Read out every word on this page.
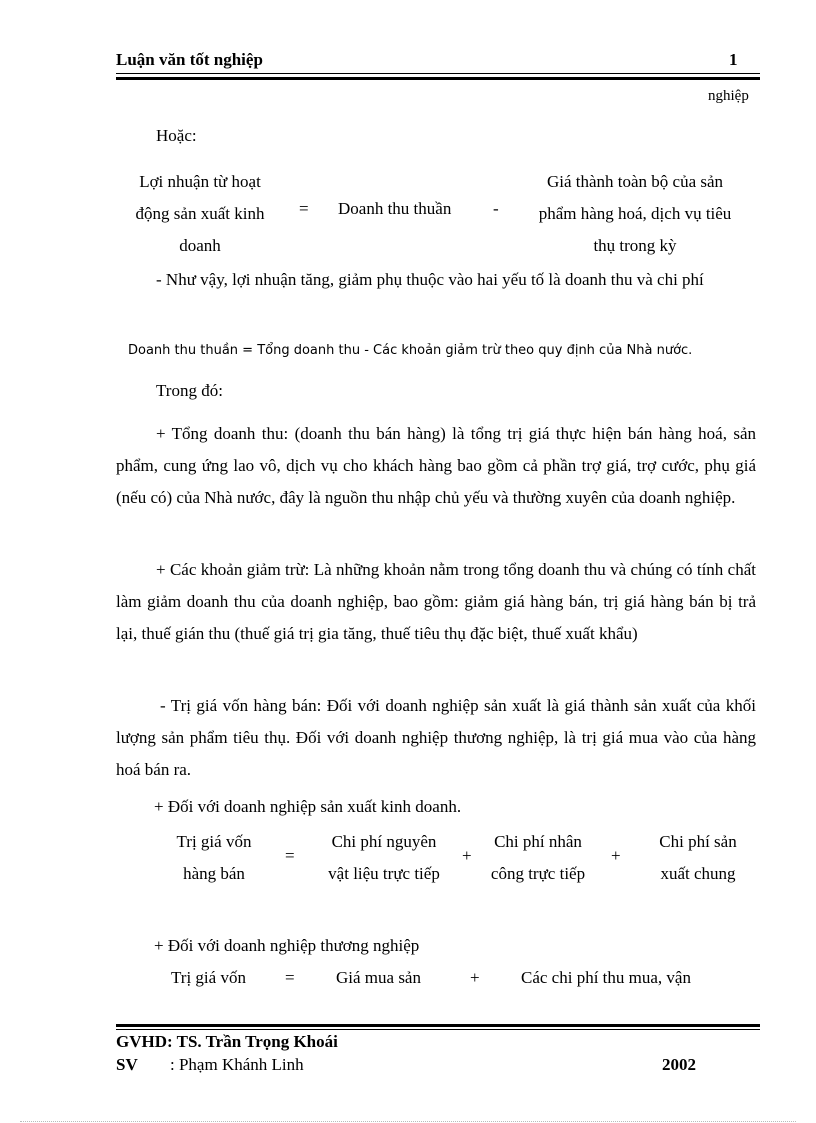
Luận văn tốt nghiệp	1
nghiệp
Hoặc:
Lợi nhuận từ hoạt
động sản xuất kinh
doanh
= Doanh thu thuần -
Giá thành toàn bộ của sản
phẩm hàng hoá, dịch vụ tiêu
thụ trong kỳ
- Như vậy, lợi nhuận tăng, giảm phụ thuộc vào hai yếu tố là doanh thu và chi phí
Doanh thu thuần = Tổng doanh thu - Các khoản giảm trừ theo quy định của Nhà nước.
Trong đó:
+ Tổng doanh thu: (doanh thu bán hàng) là tổng trị giá thực hiện bán hàng hoá, sản phẩm, cung ứng lao vô, dịch vụ cho khách hàng bao gồm cả phần trợ giá, trợ cước, phụ giá (nếu có) của Nhà nước, đây là nguồn thu nhập chủ yếu và thường xuyên của doanh nghiệp.
+ Các khoản giảm trừ: Là những khoản nằm trong tổng doanh thu và chúng có tính chất làm giảm doanh thu của doanh nghiệp, bao gồm: giảm giá hàng bán, trị giá hàng bán bị trả lại, thuế gián thu (thuế giá trị gia tăng, thuế tiêu thụ đặc biệt, thuế xuất khẩu)
- Trị giá vốn hàng bán: Đối với doanh nghiệp sản xuất là giá thành sản xuất của khối lượng sản phẩm tiêu thụ. Đối với doanh nghiệp thương nghiệp, là trị giá mua vào của hàng hoá bán ra.
+ Đối với doanh nghiệp sản xuất kinh doanh.
Trị giá vốn
hàng bán
=
Chi phí nguyên
vật liệu trực tiếp
+
Chi phí nhân
công trực tiếp
+
Chi phí sản
xuất chung
+ Đối với doanh nghiệp thương nghiệp
Trị giá vốn = Giá mua sản	+ Các chi phí thu mua, vận
GVHD: TS. Trần Trọng Khoái
SV : Phạm Khánh Linh	2002
